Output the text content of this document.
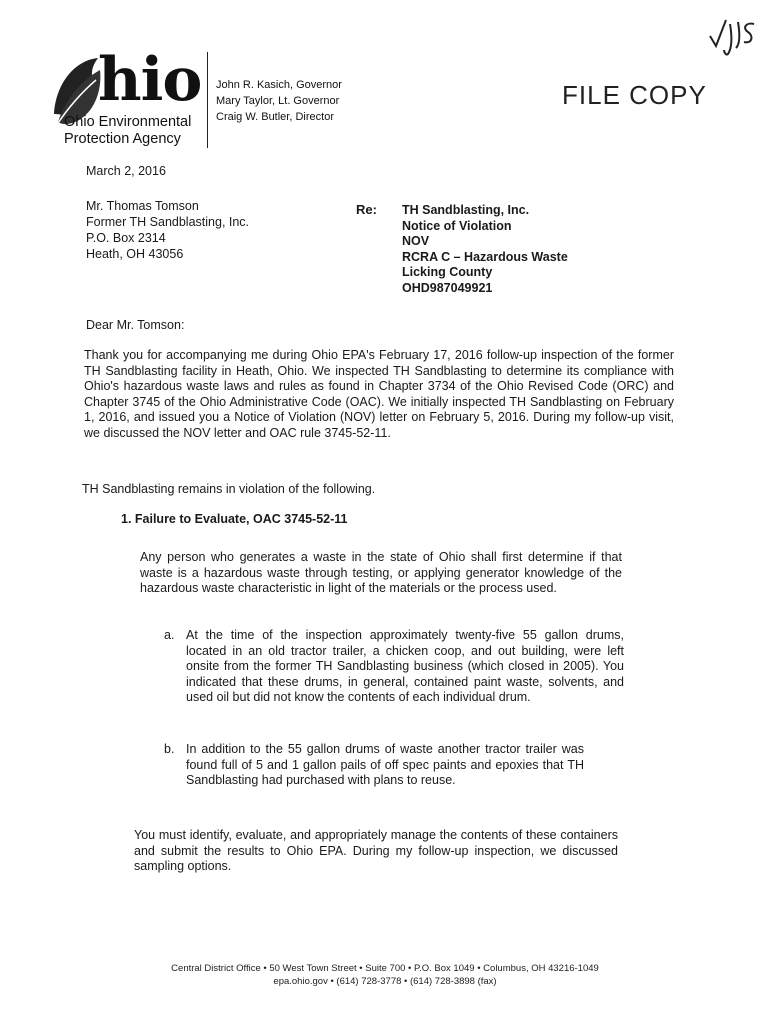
hio
Ohio Environmental
Protection Agency
John R. Kasich, Governor
Mary Taylor, Lt. Governor
Craig W. Butler, Director
FILE COPY
March 2, 2016
Mr. Thomas Tomson
Former TH Sandblasting, Inc.
P.O. Box 2314
Heath, OH 43056
Re: TH Sandblasting, Inc.
Notice of Violation
NOV
RCRA C – Hazardous Waste
Licking County
OHD987049921
Dear Mr. Tomson:
Thank you for accompanying me during Ohio EPA's February 17, 2016 follow-up inspection of the former TH Sandblasting facility in Heath, Ohio. We inspected TH Sandblasting to determine its compliance with Ohio's hazardous waste laws and rules as found in Chapter 3734 of the Ohio Revised Code (ORC) and Chapter 3745 of the Ohio Administrative Code (OAC). We initially inspected TH Sandblasting on February 1, 2016, and issued you a Notice of Violation (NOV) letter on February 5, 2016. During my follow-up visit, we discussed the NOV letter and OAC rule 3745-52-11.
TH Sandblasting remains in violation of the following.
1. Failure to Evaluate, OAC 3745-52-11
Any person who generates a waste in the state of Ohio shall first determine if that waste is a hazardous waste through testing, or applying generator knowledge of the hazardous waste characteristic in light of the materials or the process used.
a. At the time of the inspection approximately twenty-five 55 gallon drums, located in an old tractor trailer, a chicken coop, and out building, were left onsite from the former TH Sandblasting business (which closed in 2005). You indicated that these drums, in general, contained paint waste, solvents, and used oil but did not know the contents of each individual drum.
b. In addition to the 55 gallon drums of waste another tractor trailer was found full of 5 and 1 gallon pails of off spec paints and epoxies that TH Sandblasting had purchased with plans to reuse.
You must identify, evaluate, and appropriately manage the contents of these containers and submit the results to Ohio EPA. During my follow-up inspection, we discussed sampling options.
Central District Office • 50 West Town Street • Suite 700 • P.O. Box 1049 • Columbus, OH 43216-1049
epa.ohio.gov • (614) 728-3778 • (614) 728-3898 (fax)
